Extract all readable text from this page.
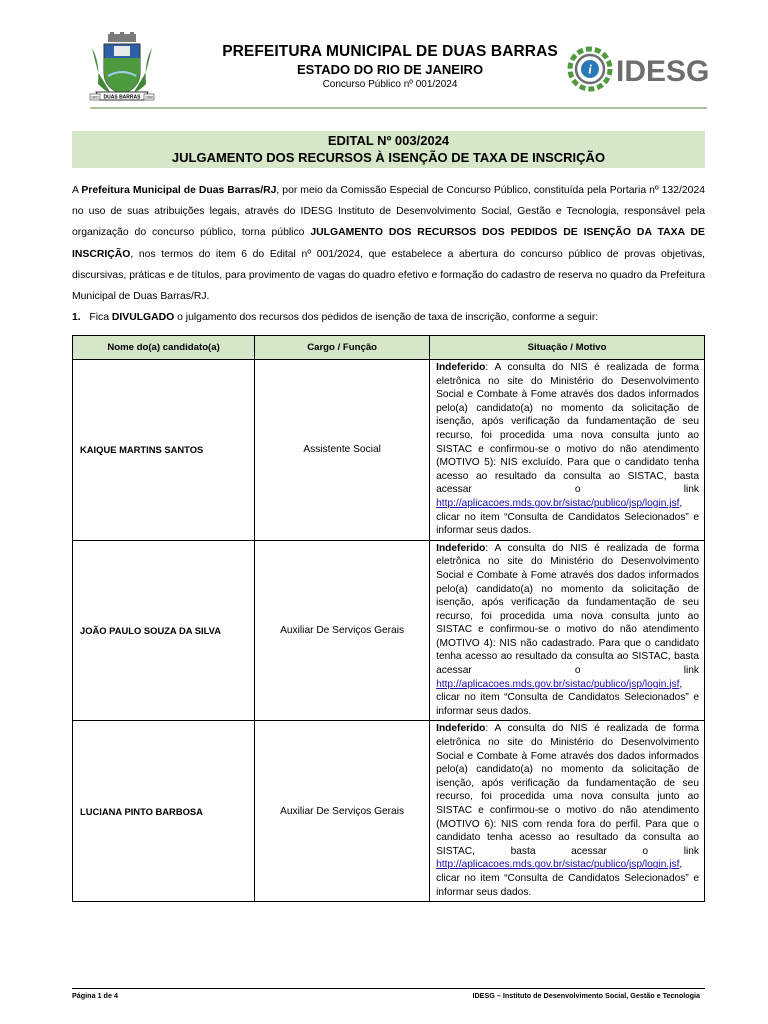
DUAS BARRAS
1891	1960
PREFEITURA MUNICIPAL DE DUAS BARRAS
ESTADO DO RIO DE JANEIRO
Concurso Público nº 001/2024
i IDESG
EDITAL Nº 003/2024
JULGAMENTO DOS RECURSOS À ISENÇÃO DE TAXA DE INSCRIÇÃO
A Prefeitura Municipal de Duas Barras/RJ, por meio da Comissão Especial de Concurso Público, constituída pela Portaria nº 132/2024 no uso de suas atribuições legais, através do IDESG Instituto de Desenvolvimento Social, Gestão e Tecnologia, responsável pela organização do concurso público, torna público JULGAMENTO DOS RECURSOS DOS PEDIDOS DE ISENÇÃO DA TAXA DE INSCRIÇÃO, nos termos do item 6 do Edital nº 001/2024, que estabelece a abertura do concurso público de provas objetivas, discursivas, práticas e de títulos, para provimento de vagas do quadro efetivo e formação do cadastro de reserva no quadro da Prefeitura Municipal de Duas Barras/RJ.
1. Fica DIVULGADO o julgamento dos recursos dos pedidos de isenção de taxa de inscrição, conforme a seguir:
Nome do(a) candidato(a)	Cargo / Função	Situação / Motivo
KAIQUE MARTINS SANTOS	Assistente Social	Indeferido: A consulta do NIS é realizada de forma eletrônica no site do Ministério do Desenvolvimento Social e Combate à Fome através dos dados informados pelo(a) candidato(a) no momento da solicitação de isenção, após verificação da fundamentação de seu recurso, foi procedida uma nova consulta junto ao SISTAC e confirmou-se o motivo do não atendimento (MOTIVO 5): NIS excluído. Para que o candidato tenha acesso ao resultado da consulta ao SISTAC, basta acessar o link http://aplicacoes.mds.gov.br/sistac/publico/jsp/login.jsf, clicar no item “Consulta de Candidatos Selecionados” e informar seus dados.
JOÃO PAULO SOUZA DA SILVA	Auxiliar De Serviços Gerais	Indeferido: A consulta do NIS é realizada de forma eletrônica no site do Ministério do Desenvolvimento Social e Combate à Fome através dos dados informados pelo(a) candidato(a) no momento da solicitação de isenção, após verificação da fundamentação de seu recurso, foi procedida uma nova consulta junto ao SISTAC e confirmou-se o motivo do não atendimento (MOTIVO 4): NIS não cadastrado. Para que o candidato tenha acesso ao resultado da consulta ao SISTAC, basta acessar o link http://aplicacoes.mds.gov.br/sistac/publico/jsp/login.jsf, clicar no item “Consulta de Candidatos Selecionados” e informar seus dados.
LUCIANA PINTO BARBOSA	Auxiliar De Serviços Gerais	Indeferido: A consulta do NIS é realizada de forma eletrônica no site do Ministério do Desenvolvimento Social e Combate à Fome através dos dados informados pelo(a) candidato(a) no momento da solicitação de isenção, após verificação da fundamentação de seu recurso, foi procedida uma nova consulta junto ao SISTAC e confirmou-se o motivo do não atendimento (MOTIVO 6): NIS com renda fora do perfil. Para que o candidato tenha acesso ao resultado da consulta ao SISTAC, basta acessar o link http://aplicacoes.mds.gov.br/sistac/publico/jsp/login.jsf, clicar no item “Consulta de Candidatos Selecionados” e informar seus dados.
Página 1 de 4	IDESG – Instituto de Desenvolvimento Social, Gestão e Tecnologia
